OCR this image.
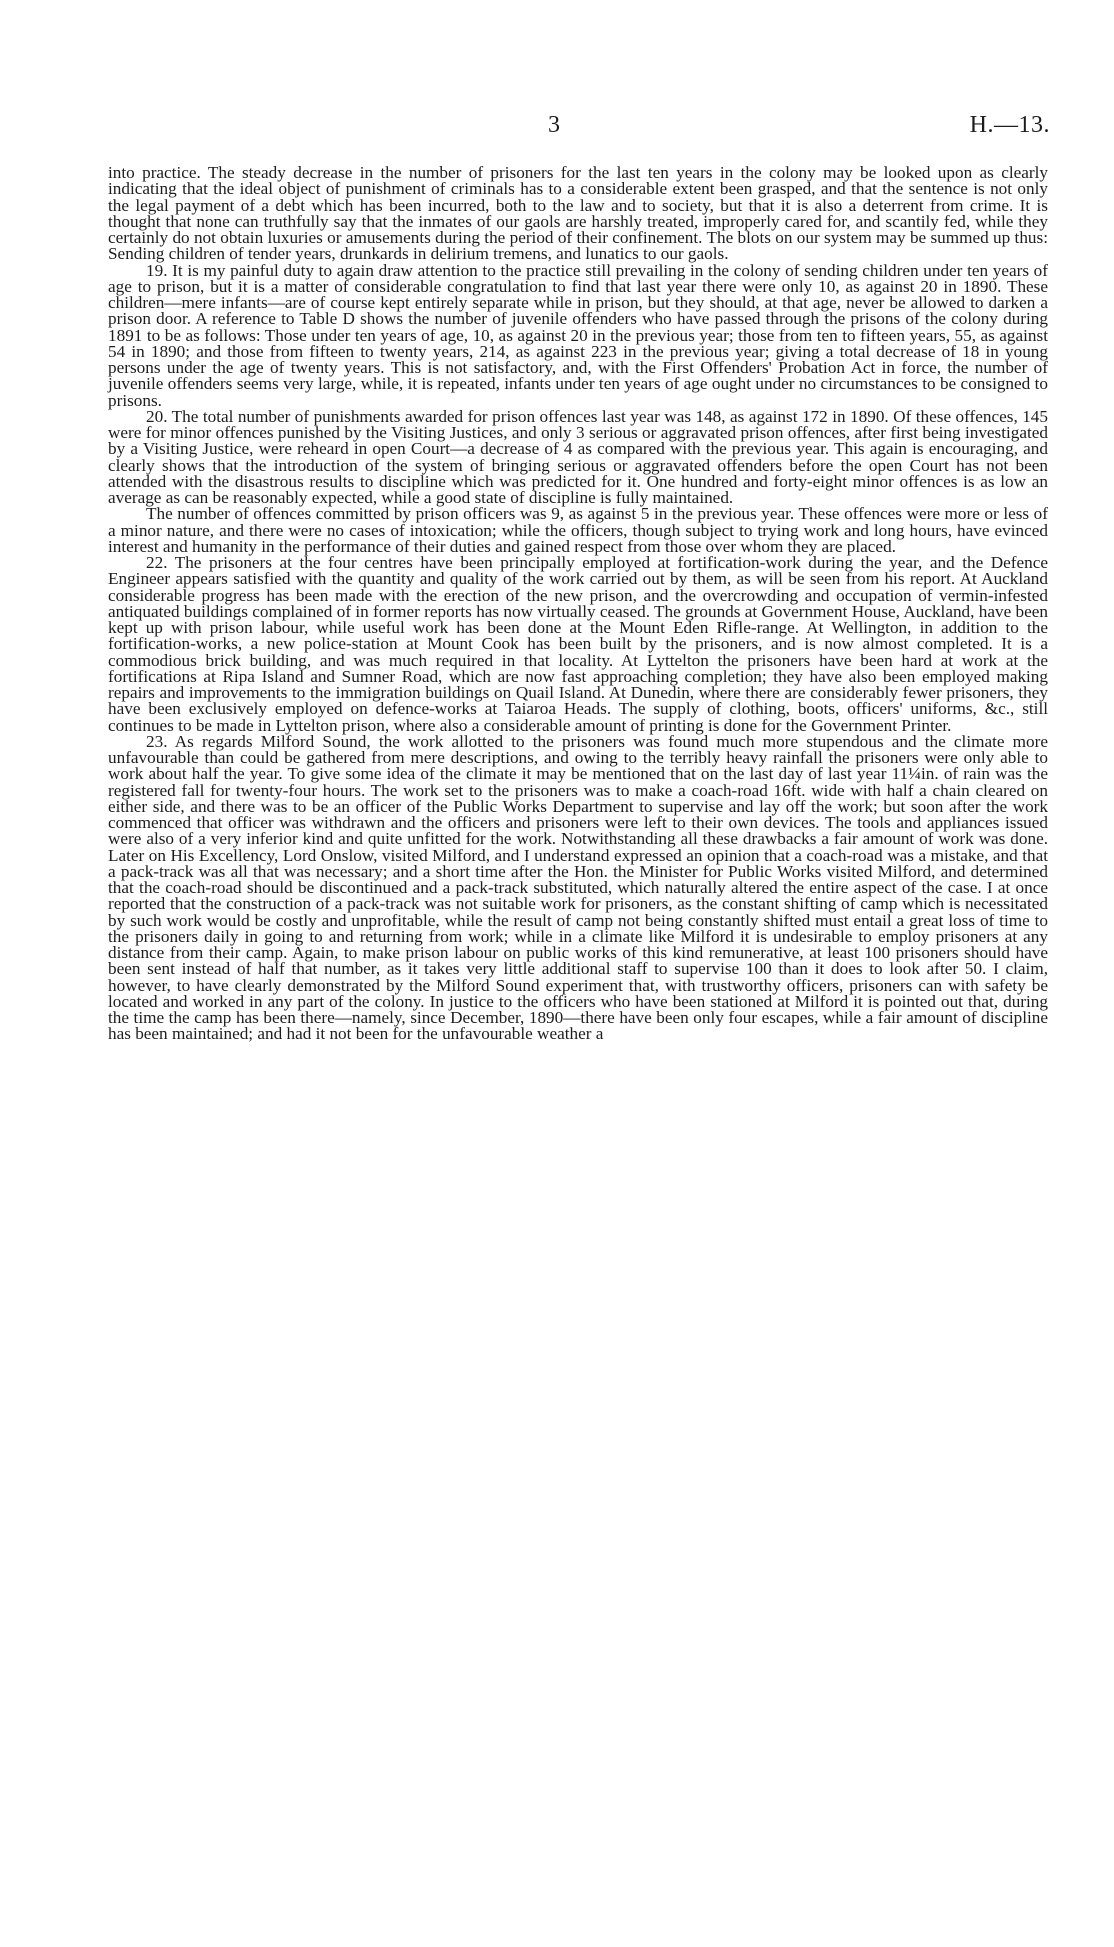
3	H.—13.

into practice. The steady decrease in the number of prisoners for the last ten years in the colony may be looked upon as clearly indicating that the ideal object of punishment of criminals has to a considerable extent been grasped, and that the sentence is not only the legal payment of a debt which has been incurred, both to the law and to society, but that it is also a deterrent from crime. It is thought that none can truthfully say that the inmates of our gaols are harshly treated, improperly cared for, and scantily fed, while they certainly do not obtain luxuries or amusements during the period of their confinement. The blots on our system may be summed up thus: Sending children of tender years, drunkards in delirium tremens, and lunatics to our gaols.

19. It is my painful duty to again draw attention to the practice still prevailing in the colony of sending children under ten years of age to prison, but it is a matter of considerable congratulation to find that last year there were only 10, as against 20 in 1890. These children—mere infants—are of course kept entirely separate while in prison, but they should, at that age, never be allowed to darken a prison door. A reference to Table D shows the number of juvenile offenders who have passed through the prisons of the colony during 1891 to be as follows: Those under ten years of age, 10, as against 20 in the previous year; those from ten to fifteen years, 55, as against 54 in 1890; and those from fifteen to twenty years, 214, as against 223 in the previous year; giving a total decrease of 18 in young persons under the age of twenty years. This is not satisfactory, and, with the First Offenders' Probation Act in force, the number of juvenile offenders seems very large, while, it is repeated, infants under ten years of age ought under no circumstances to be consigned to prisons.

20. The total number of punishments awarded for prison offences last year was 148, as against 172 in 1890. Of these offences, 145 were for minor offences punished by the Visiting Justices, and only 3 serious or aggravated prison offences, after first being investigated by a Visiting Justice, were reheard in open Court—a decrease of 4 as compared with the previous year. This again is encouraging, and clearly shows that the introduction of the system of bringing serious or aggravated offenders before the open Court has not been attended with the disastrous results to discipline which was predicted for it. One hundred and forty-eight minor offences is as low an average as can be reasonably expected, while a good state of discipline is fully maintained.

The number of offences committed by prison officers was 9, as against 5 in the previous year. These offences were more or less of a minor nature, and there were no cases of intoxication; while the officers, though subject to trying work and long hours, have evinced interest and humanity in the performance of their duties and gained respect from those over whom they are placed.

22. The prisoners at the four centres have been principally employed at fortification-work during the year, and the Defence Engineer appears satisfied with the quantity and quality of the work carried out by them, as will be seen from his report. At Auckland considerable progress has been made with the erection of the new prison, and the overcrowding and occupation of vermin-infested antiquated buildings complained of in former reports has now virtually ceased. The grounds at Government House, Auckland, have been kept up with prison labour, while useful work has been done at the Mount Eden Rifle-range. At Wellington, in addition to the fortification-works, a new police-station at Mount Cook has been built by the prisoners, and is now almost completed. It is a commodious brick building, and was much required in that locality. At Lyttelton the prisoners have been hard at work at the fortifications at Ripa Island and Sumner Road, which are now fast approaching completion; they have also been employed making repairs and improvements to the immigration buildings on Quail Island. At Dunedin, where there are considerably fewer prisoners, they have been exclusively employed on defence-works at Taiaroa Heads. The supply of clothing, boots, officers' uniforms, &c., still continues to be made in Lyttelton prison, where also a considerable amount of printing is done for the Government Printer.

23. As regards Milford Sound, the work allotted to the prisoners was found much more stupendous and the climate more unfavourable than could be gathered from mere descriptions, and owing to the terribly heavy rainfall the prisoners were only able to work about half the year. To give some idea of the climate it may be mentioned that on the last day of last year 11¼in. of rain was the registered fall for twenty-four hours. The work set to the prisoners was to make a coach-road 16ft. wide with half a chain cleared on either side, and there was to be an officer of the Public Works Department to supervise and lay off the work; but soon after the work commenced that officer was withdrawn and the officers and prisoners were left to their own devices. The tools and appliances issued were also of a very inferior kind and quite unfitted for the work. Notwithstanding all these drawbacks a fair amount of work was done. Later on His Excellency, Lord Onslow, visited Milford, and I understand expressed an opinion that a coach-road was a mistake, and that a pack-track was all that was necessary; and a short time after the Hon. the Minister for Public Works visited Milford, and determined that the coach-road should be discontinued and a pack-track substituted, which naturally altered the entire aspect of the case. I at once reported that the construction of a pack-track was not suitable work for prisoners, as the constant shifting of camp which is necessitated by such work would be costly and unprofitable, while the result of camp not being constantly shifted must entail a great loss of time to the prisoners daily in going to and returning from work; while in a climate like Milford it is undesirable to employ prisoners at any distance from their camp. Again, to make prison labour on public works of this kind remunerative, at least 100 prisoners should have been sent instead of half that number, as it takes very little additional staff to supervise 100 than it does to look after 50. I claim, however, to have clearly demonstrated by the Milford Sound experiment that, with trustworthy officers, prisoners can with safety be located and worked in any part of the colony. In justice to the officers who have been stationed at Milford it is pointed out that, during the time the camp has been there—namely, since December, 1890—there have been only four escapes, while a fair amount of discipline has been maintained; and had it not been for the unfavourable weather a
